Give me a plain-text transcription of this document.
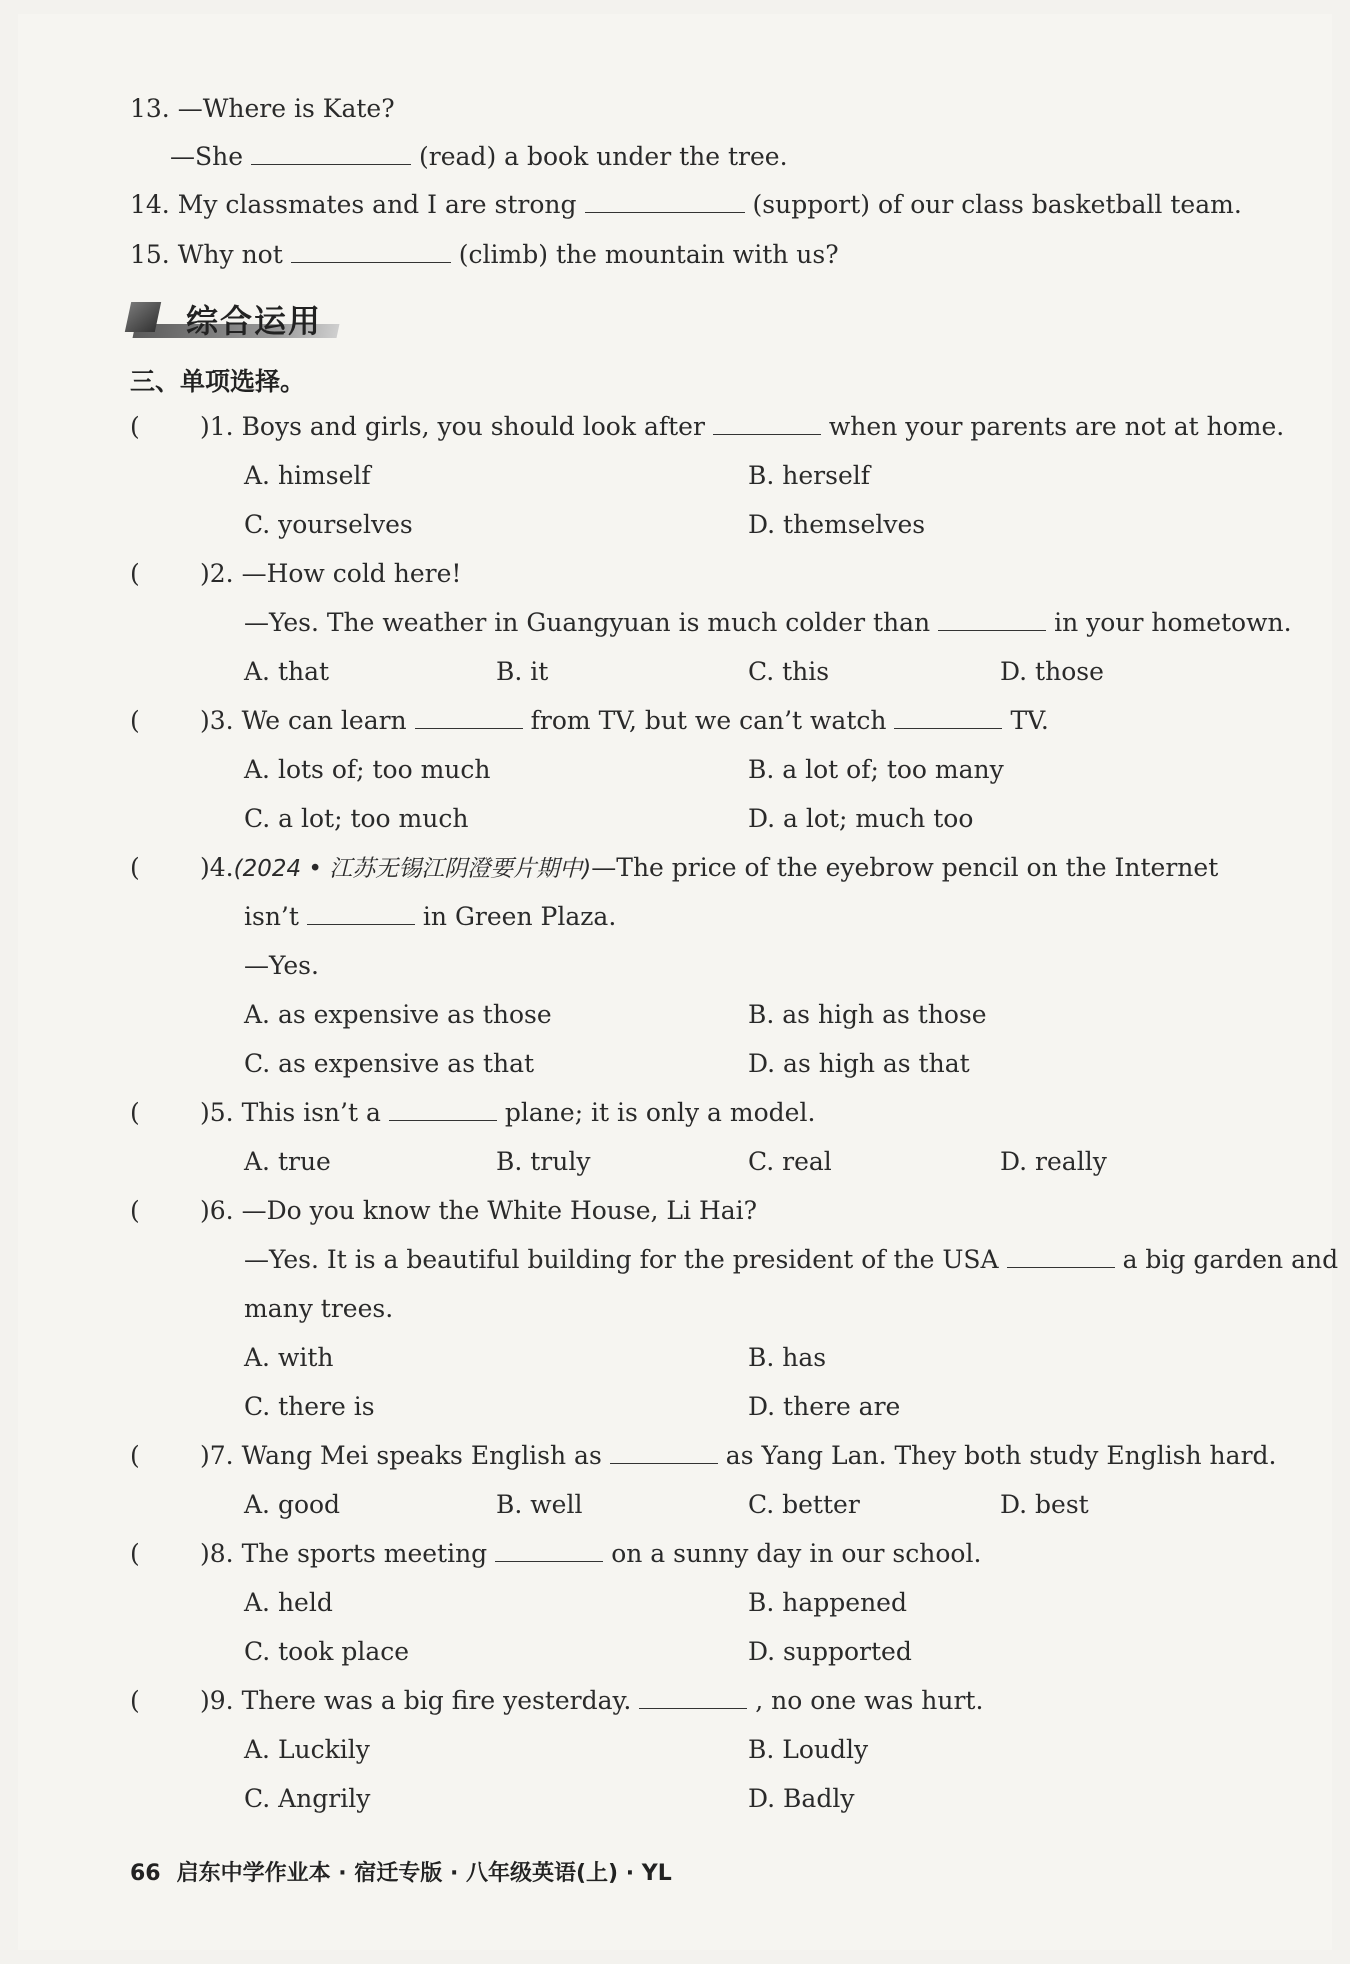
13. —Where is Kate?
—She	(read) a book under the tree.
14. My classmates and I are strong	(support) of our class basketball team.
15. Why not	(climb) the mountain with us?
综合运用
三、单项选择。
( )1. Boys and girls, you should look after	when your parents are not at home.
A. himself	B. herself
C. yourselves	D. themselves
( )2. —How cold here!
—Yes. The weather in Guangyuan is much colder than	in your hometown.
A. that	B. it	C. this	D. those
( )3. We can learn	from TV, but we can’t watch	TV.
A. lots of; too much	B. a lot of; too many
C. a lot; too much	D. a lot; much too
( )4.(2024 • 江苏无锡江阴澄要片期中)—The price of the eyebrow pencil on the Internet
isn’t	in Green Plaza.
—Yes.
A. as expensive as those	B. as high as those
C. as expensive as that	D. as high as that
( )5. This isn’t a	plane; it is only a model.
A. true	B. truly	C. real	D. really
( )6. —Do you know the White House, Li Hai?
—Yes. It is a beautiful building for the president of the USA	a big garden and
many trees.
A. with	B. has
C. there is	D. there are
( )7. Wang Mei speaks English as	as Yang Lan. They both study English hard.
A. good	B. well	C. better	D. best
( )8. The sports meeting	on a sunny day in our school.
A. held	B. happened
C. took place	D. supported
( )9. There was a big fire yesterday.	, no one was hurt.
A. Luckily	B. Loudly
C. Angrily	D. Badly
66 启东中学作业本 · 宿迁专版 · 八年级英语(上) · YL
